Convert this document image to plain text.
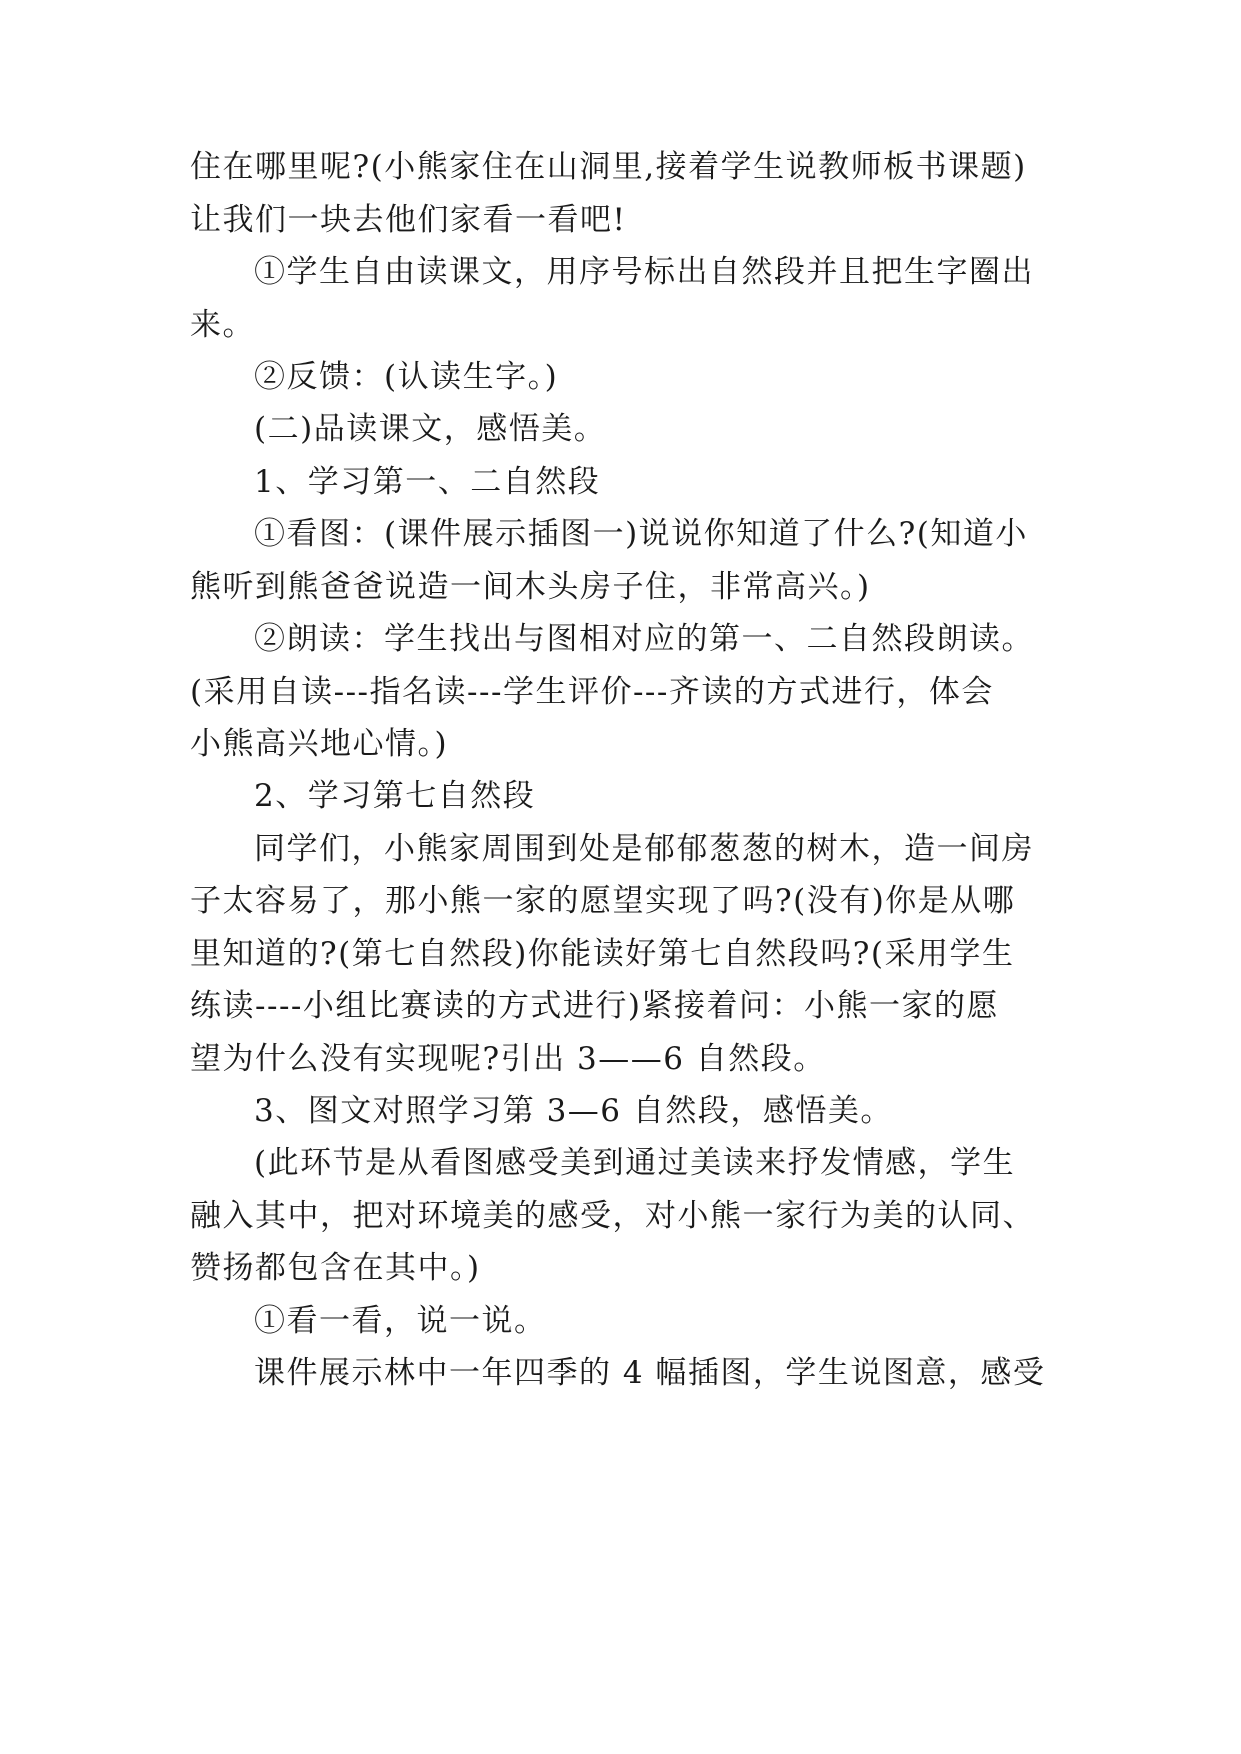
住在哪里呢?(小熊家住在山洞里,接着学生说教师板书课题)
让我们一块去他们家看一看吧!
①学生自由读课文，用序号标出自然段并且把生字圈出
来。
②反馈：(认读生字。)
(二)品读课文，感悟美。
1、学习第一、二自然段
①看图：(课件展示插图一)说说你知道了什么?(知道小
熊听到熊爸爸说造一间木头房子住，非常高兴。)
②朗读：学生找出与图相对应的第一、二自然段朗读。
(采用自读---指名读---学生评价---齐读的方式进行，体会
小熊高兴地心情。)
2、学习第七自然段
同学们，小熊家周围到处是郁郁葱葱的树木，造一间房
子太容易了，那小熊一家的愿望实现了吗?(没有)你是从哪
里知道的?(第七自然段)你能读好第七自然段吗?(采用学生
练读----小组比赛读的方式进行)紧接着问：小熊一家的愿
望为什么没有实现呢?引出 3——6 自然段。
3、图文对照学习第 3—6 自然段，感悟美。
(此环节是从看图感受美到通过美读来抒发情感，学生
融入其中，把对环境美的感受，对小熊一家行为美的认同、
赞扬都包含在其中。)
①看一看，说一说。
课件展示林中一年四季的 4 幅插图，学生说图意，感受
